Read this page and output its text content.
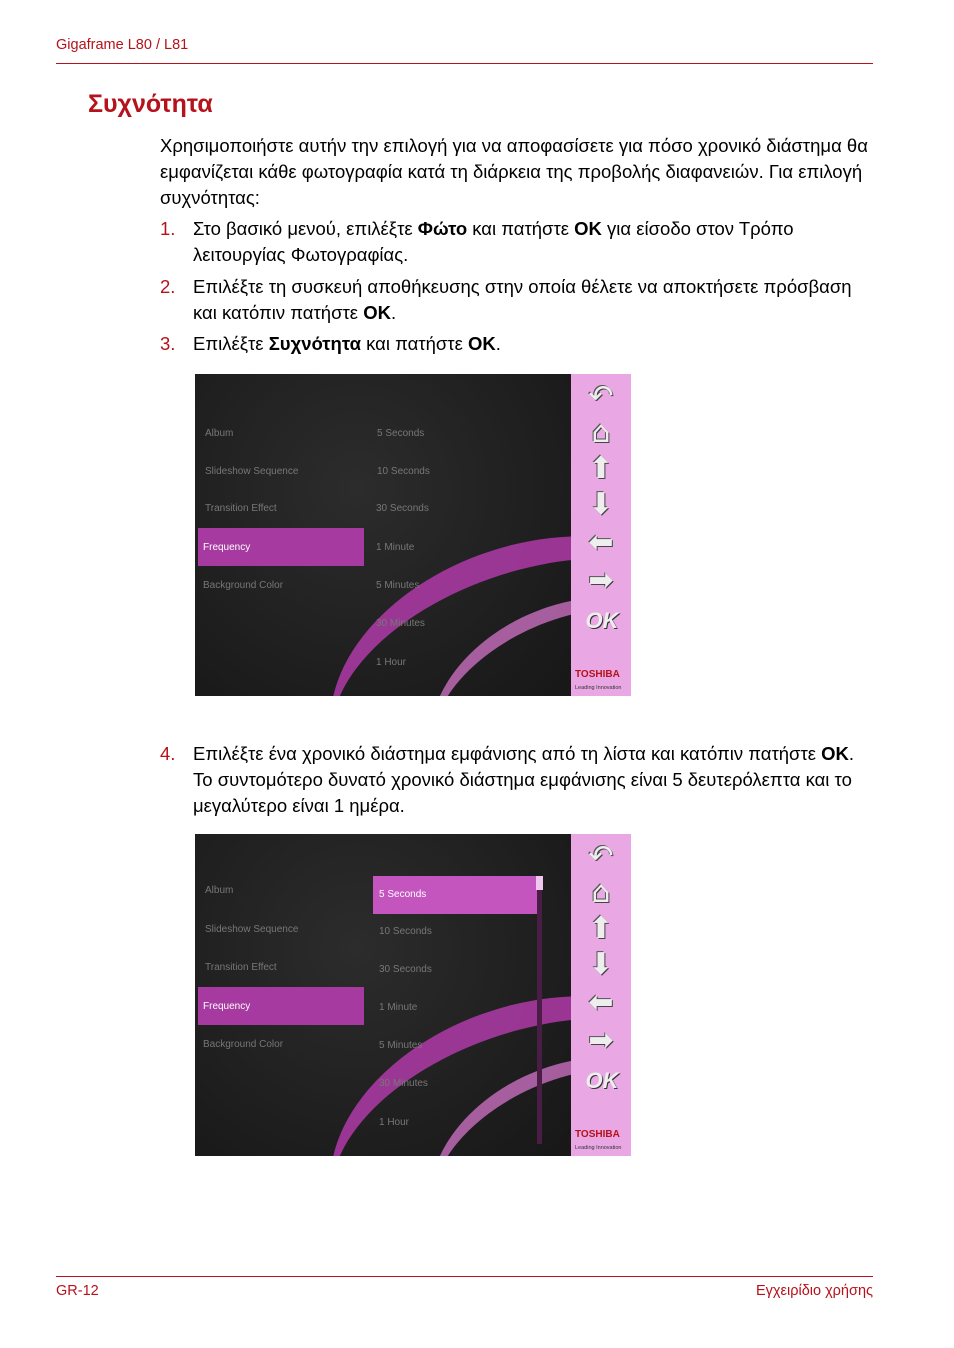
Gigaframe L80 / L81
Συχνότητα
Χρησιμοποιήστε αυτήν την επιλογή για να αποφασίσετε για πόσο χρονικό διάστημα θα εμφανίζεται κάθε φωτογραφία κατά τη διάρκεια της προβολής διαφανειών. Για επιλογή συχνότητας:
1. Στο βασικό μενού, επιλέξτε Φώτο και πατήστε OK για είσοδο στον Τρόπο λειτουργίας Φωτογραφίας.
2. Επιλέξτε τη συσκευή αποθήκευσης στην οποία θέλετε να αποκτήσετε πρόσβαση και κατόπιν πατήστε OK.
3. Επιλέξτε Συχνότητα και πατήστε OK.
Album
Slideshow Sequence
Transition Effect
Frequency
Background Color
5 Seconds
10 Seconds
30 Seconds
1 Minute
5 Minutes
30 Minutes
1 Hour
↶
⌂
⬆
⬇
⬅
➡
OK
TOSHIBA
Leading Innovation
4. Επιλέξτε ένα χρονικό διάστημα εμφάνισης από τη λίστα και κατόπιν πατήστε OK. Το συντομότερο δυνατό χρονικό διάστημα εμφάνισης είναι 5 δευτερόλεπτα και το μεγαλύτερο είναι 1 ημέρα.
Album
Slideshow Sequence
Transition Effect
Frequency
Background Color
5 Seconds
10 Seconds
30 Seconds
1 Minute
5 Minutes
30 Minutes
1 Hour
↶
⌂
⬆
⬇
⬅
➡
OK
TOSHIBA
Leading Innovation
GR-12	Εγχειρίδιο χρήσης
